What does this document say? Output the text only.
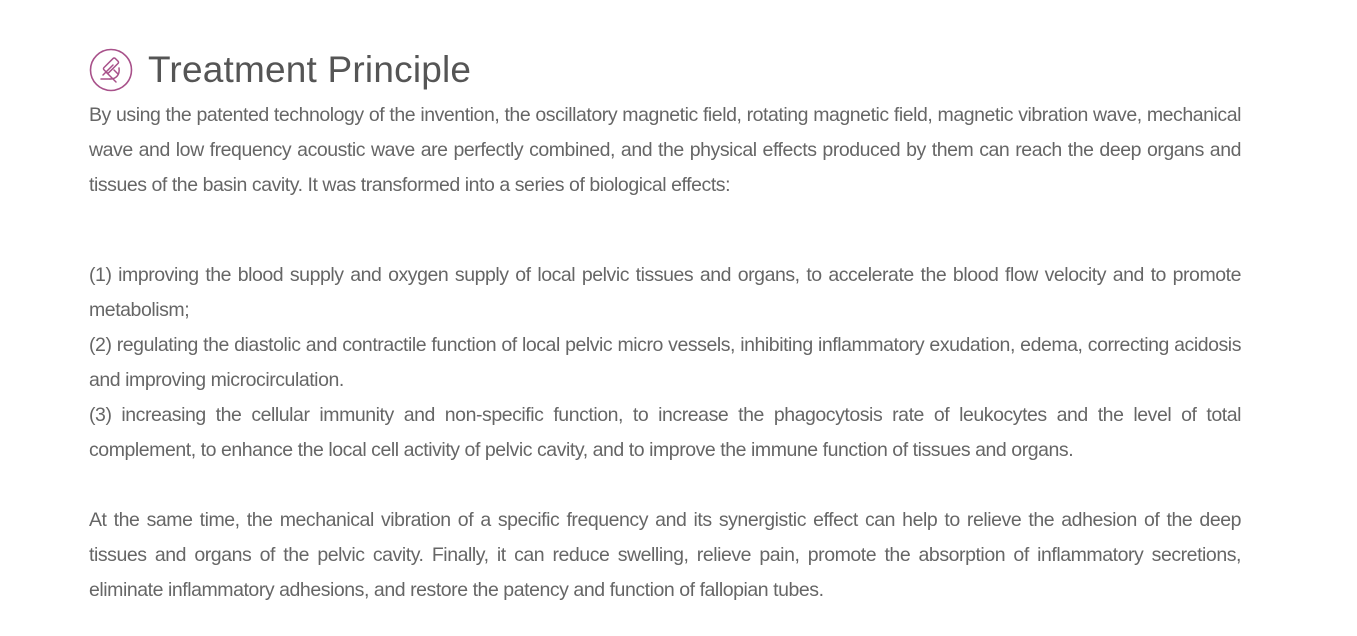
Treatment Principle

By using the patented technology of the invention, the oscillatory magnetic field, rotating magnetic field, magnetic vibration wave, mechanical wave and low frequency acoustic wave are perfectly combined, and the physical effects produced by them can reach the deep organs and tissues of the basin cavity. It was transformed into a series of biological effects:

(1) improving the blood supply and oxygen supply of local pelvic tissues and organs, to accelerate the blood flow velocity and to promote metabolism;

(2) regulating the diastolic and contractile function of local pelvic micro vessels, inhibiting inflammatory exudation, edema, correcting acidosis and improving microcirculation.

(3) increasing the cellular immunity and non-specific function, to increase the phagocytosis rate of leukocytes and the level of total complement, to enhance the local cell activity of pelvic cavity, and to improve the immune function of tissues and organs.

At the same time, the mechanical vibration of a specific frequency and its synergistic effect can help to relieve the adhesion of the deep tissues and organs of the pelvic cavity. Finally, it can reduce swelling, relieve pain, promote the absorption of inflammatory secretions, eliminate inflammatory adhesions, and restore the patency and function of fallopian tubes.
